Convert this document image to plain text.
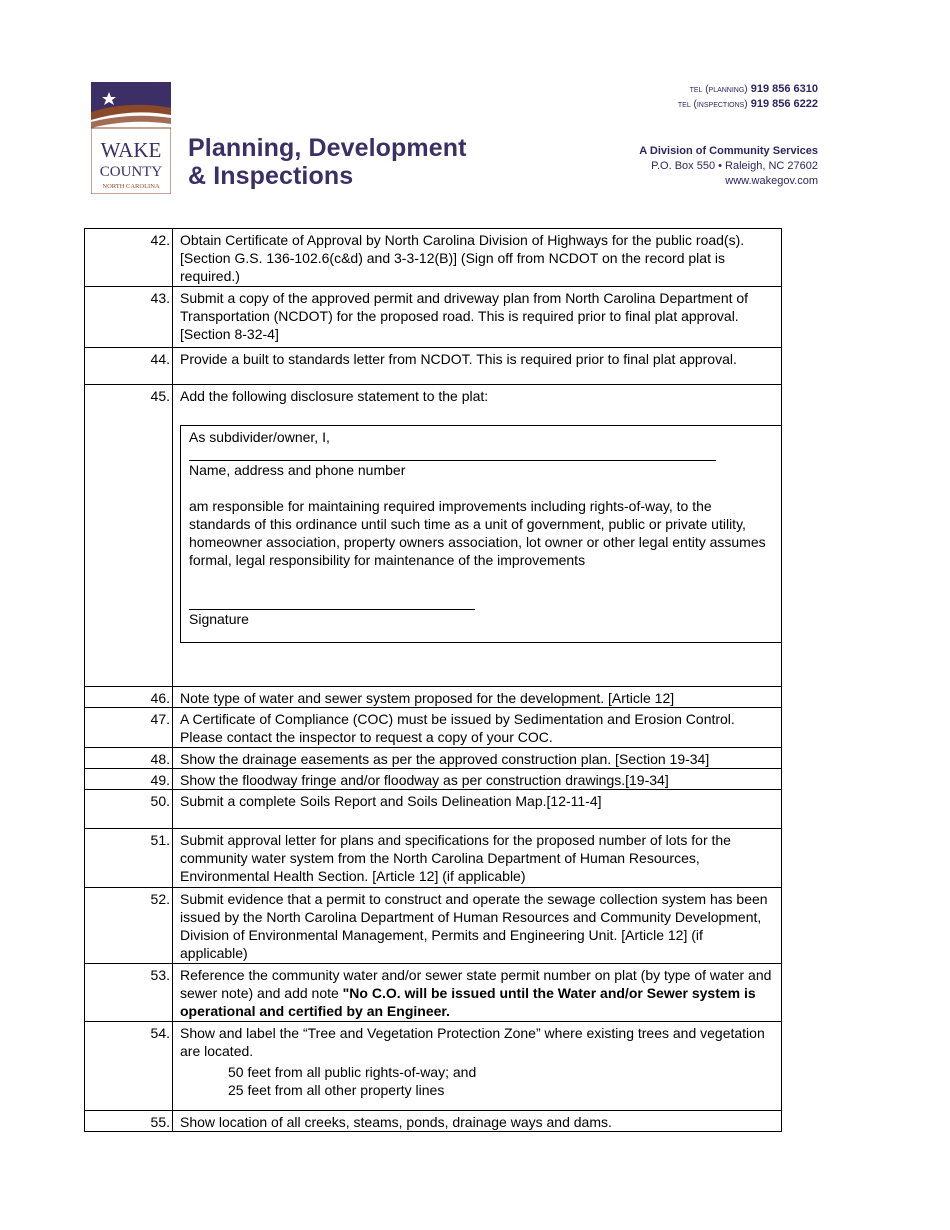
WAKE
COUNTY
NORTH CAROLINA
Planning, Development
& Inspections
tel (planning) 919 856 6310
tel (inspections) 919 856 6222
A Division of Community Services
P.O. Box 550 • Raleigh, NC 27602
www.wakegov.com
42.	Obtain Certificate of Approval by North Carolina Division of Highways for the public road(s). [Section G.S. 136-102.6(c&d) and 3-3-12(B)] (Sign off from NCDOT on the record plat is required.)
43.	Submit a copy of the approved permit and driveway plan from North Carolina Department of Transportation (NCDOT) for the proposed road. This is required prior to final plat approval. [Section 8-32-4]
44.	Provide a built to standards letter from NCDOT. This is required prior to final plat approval.
45.	Add the following disclosure statement to the plat:

As subdivider/owner, I,

Name, address and phone number

am responsible for maintaining required improvements including rights-of-way, to the standards of this ordinance until such time as a unit of government, public or private utility, homeowner association, property owners association, lot owner or other legal entity assumes formal, legal responsibility for maintenance of the improvements

Signature

46.	Note type of water and sewer system proposed for the development. [Article 12]
47.	A Certificate of Compliance (COC) must be issued by Sedimentation and Erosion Control. Please contact the inspector to request a copy of your COC.
48.	Show the drainage easements as per the approved construction plan. [Section 19-34]
49.	Show the floodway fringe and/or floodway as per construction drawings.[19-34]
50.	Submit a complete Soils Report and Soils Delineation Map.[12-11-4]
51.	Submit approval letter for plans and specifications for the proposed number of lots for the community water system from the North Carolina Department of Human Resources, Environmental Health Section. [Article 12] (if applicable)
52.	Submit evidence that a permit to construct and operate the sewage collection system has been issued by the North Carolina Department of Human Resources and Community Development, Division of Environmental Management, Permits and Engineering Unit. [Article 12] (if applicable)
53.	Reference the community water and/or sewer state permit number on plat (by type of water and sewer note) and add note "No C.O. will be issued until the Water and/or Sewer system is operational and certified by an Engineer.
54.	Show and label the “Tree and Vegetation Protection Zone” where existing trees and vegetation are located.

50 feet from all public rights-of-way; and

25 feet from all other property lines

55.	Show location of all creeks, steams, ponds, drainage ways and dams.
